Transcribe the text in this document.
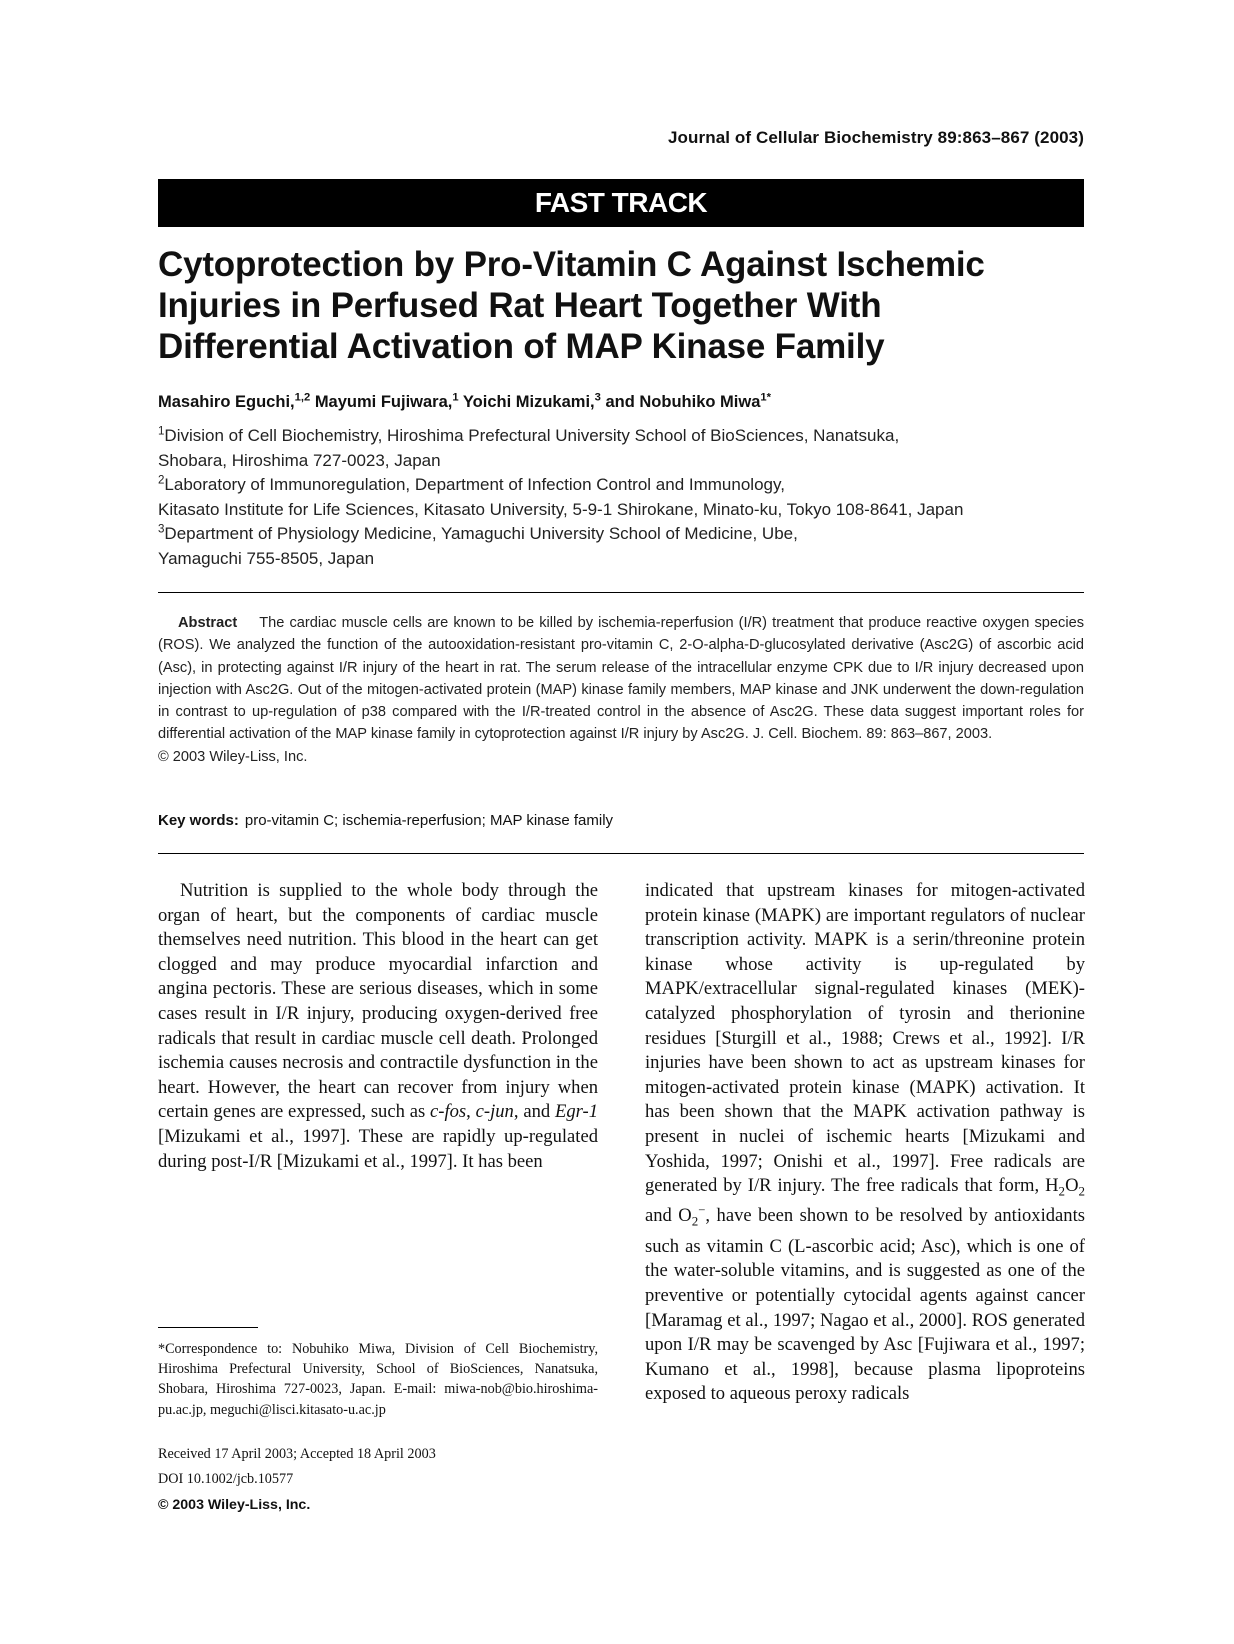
Journal of Cellular Biochemistry 89:863–867 (2003)
FAST TRACK
Cytoprotection by Pro-Vitamin C Against Ischemic
Injuries in Perfused Rat Heart Together With
Differential Activation of MAP Kinase Family
Masahiro Eguchi,$^{1,2}$ Mayumi Fujiwara,$^1$ Yoichi Mizukami,$^3$ and Nobuhiko Miwa$^{1*}$
$^1$Division of Cell Biochemistry, Hiroshima Prefectural University School of BioSciences, Nanatsuka,
Shobara, Hiroshima 727-0023, Japan
$^2$Laboratory of Immunoregulation, Department of Infection Control and Immunology,
Kitasato Institute for Life Sciences, Kitasato University, 5-9-1 Shirokane, Minato-ku, Tokyo 108-8641, Japan
$^3$Department of Physiology Medicine, Yamaguchi University School of Medicine, Ube,
Yamaguchi 755-8505, Japan
Abstract The cardiac muscle cells are known to be killed by ischemia-reperfusion (I/R) treatment that produce reactive oxygen species (ROS). We analyzed the function of the autooxidation-resistant pro-vitamin C, 2-O-alpha-D-glucosylated derivative (Asc2G) of ascorbic acid (Asc), in protecting against I/R injury of the heart in rat. The serum release of the intracellular enzyme CPK due to I/R injury decreased upon injection with Asc2G. Out of the mitogen-activated protein (MAP) kinase family members, MAP kinase and JNK underwent the down-regulation in contrast to up-regulation of p38 compared with the I/R-treated control in the absence of Asc2G. These data suggest important roles for differential activation of the MAP kinase family in cytoprotection against I/R injury by Asc2G. J. Cell. Biochem. 89: 863–867, 2003.
© 2003 Wiley-Liss, Inc.
Key words: pro-vitamin C; ischemia-reperfusion; MAP kinase family

Nutrition is supplied to the whole body through the organ of heart, but the components of cardiac muscle themselves need nutrition. This blood in the heart can get clogged and may produce myocardial infarction and angina pectoris. These are serious diseases, which in some cases result in I/R injury, producing oxygen-derived free radicals that result in cardiac muscle cell death. Prolonged ischemia causes necrosis and contractile dysfunction in the heart. However, the heart can recover from injury when certain genes are expressed, such as c-fos, c-jun, and Egr-1 [Mizukami et al., 1997]. These are rapidly up-regulated during post-I/R [Mizukami et al., 1997]. It has been

indicated that upstream kinases for mitogen-activated protein kinase (MAPK) are important regulators of nuclear transcription activity. MAPK is a serin/threonine protein kinase whose activity is up-regulated by MAPK/extracellular signal-regulated kinases (MEK)-catalyzed phosphorylation of tyrosin and therionine residues [Sturgill et al., 1988; Crews et al., 1992]. I/R injuries have been shown to act as upstream kinases for mitogen-activated protein kinase (MAPK) activation. It has been shown that the MAPK activation pathway is present in nuclei of ischemic hearts [Mizukami and Yoshida, 1997; Onishi et al., 1997]. Free radicals are generated by I/R injury. The free radicals that form, $H_2O_2$ and $O_2^-$, have been shown to be resolved by antioxidants such as vitamin C (L-ascorbic acid; Asc), which is one of the water-soluble vitamins, and is suggested as one of the preventive or potentially cytocidal agents against cancer [Maramag et al., 1997; Nagao et al., 2000]. ROS generated upon I/R may be scavenged by Asc [Fujiwara et al., 1997; Kumano et al., 1998], because plasma lipoproteins exposed to aqueous peroxy radicals

*Correspondence to: Nobuhiko Miwa, Division of Cell Biochemistry, Hiroshima Prefectural University, School of BioSciences, Nanatsuka, Shobara, Hiroshima 727-0023, Japan. E-mail: miwa-nob@bio.hiroshima-pu.ac.jp, meguchi@lisci.kitasato-u.ac.jp
Received 17 April 2003; Accepted 18 April 2003
DOI 10.1002/jcb.10577
© 2003 Wiley-Liss, Inc.
